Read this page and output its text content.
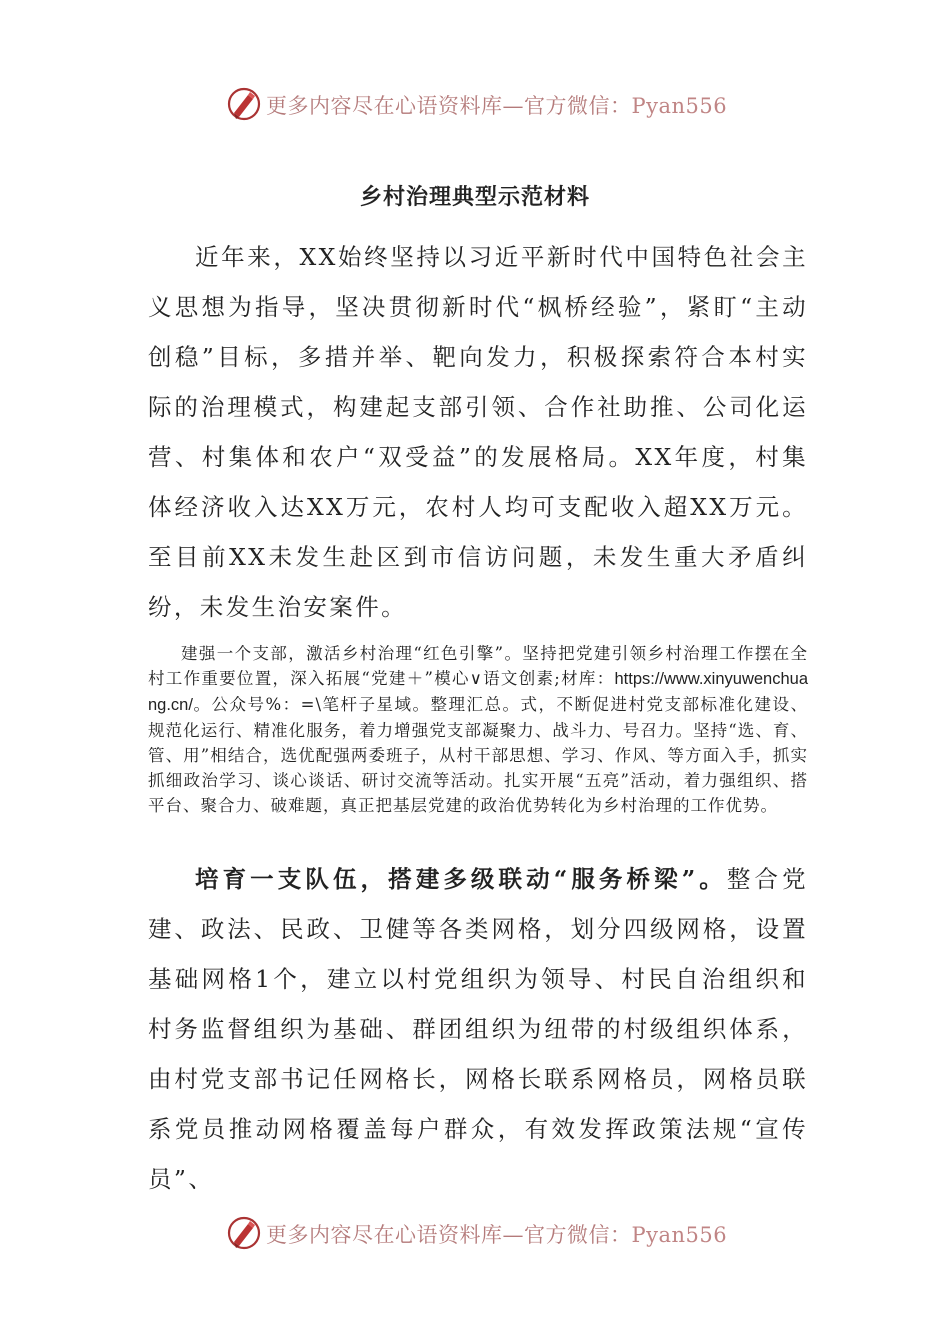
更多内容尽在心语资料库—官方微信：Pyan556
乡村治理典型示范材料

近年来，XX始终坚持以习近平新时代中国特色社会主义思想为指导，坚决贯彻新时代“枫桥经验”，紧盯“主动创稳”目标，多措并举、靶向发力，积极探索符合本村实际的治理模式，构建起支部引领、合作社助推、公司化运营、村集体和农户“双受益”的发展格局。XX年度，村集体经济收入达XX万元，农村人均可支配收入超XX万元。至目前XX未发生赴区到市信访问题，未发生重大矛盾纠纷，未发生治安案件。

建强一个支部，激活乡村治理“红色引擎”。坚持把党建引领乡村治理工作摆在全村工作重要位置，深入拓展“党建＋”模心∨语文创素;材库：https://www.xinyuwenchuang.cn/。公众号%：=\笔杆子星域。整理汇总。式，不断促进村党支部标准化建设、规范化运行、精准化服务，着力增强党支部凝聚力、战斗力、号召力。坚持“选、育、管、用”相结合，选优配强两委班子，从村干部思想、学习、作风、等方面入手，抓实抓细政治学习、谈心谈话、研讨交流等活动。扎实开展“五亮”活动，着力强组织、搭平台、聚合力、破难题，真正把基层党建的政治优势转化为乡村治理的工作优势。

培育一支队伍，搭建多级联动“服务桥梁”。整合党建、政法、民政、卫健等各类网格，划分四级网格，设置基础网格1个，建立以村党组织为领导、村民自治组织和村务监督组织为基础、群团组织为纽带的村级组织体系，由村党支部书记任网格长，网格长联系网格员，网格员联系党员推动网格覆盖每户群众，有效发挥政策法规“宣传员”、

更多内容尽在心语资料库—官方微信：Pyan556
